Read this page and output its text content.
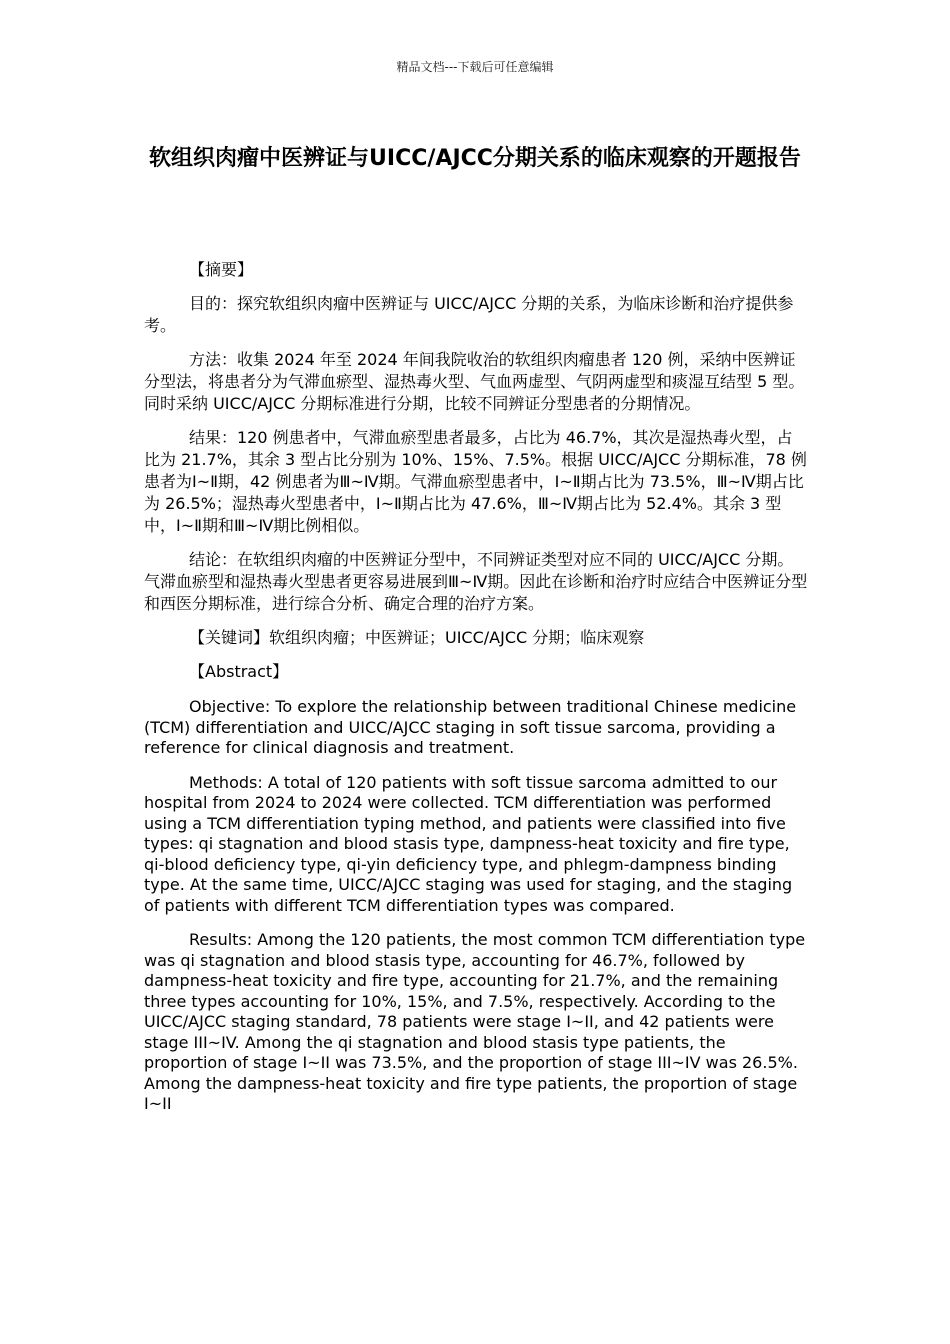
精品文档---下载后可任意编辑
软组织肉瘤中医辨证与UICC/AJCC分期关系的临床观察的开题报告

【摘要】

目的：探究软组织肉瘤中医辨证与 UICC/AJCC 分期的关系，为临床诊断和治疗提供参考。

方法：收集 2024 年至 2024 年间我院收治的软组织肉瘤患者 120 例，采纳中医辨证分型法，将患者分为气滞血瘀型、湿热毒火型、气血两虚型、气阴两虚型和痰湿互结型 5 型。同时采纳 UICC/AJCC 分期标准进行分期，比较不同辨证分型患者的分期情况。

结果：120 例患者中，气滞血瘀型患者最多，占比为 46.7%，其次是湿热毒火型，占比为 21.7%，其余 3 型占比分别为 10%、15%、7.5%。根据 UICC/AJCC 分期标准，78 例患者为Ⅰ~Ⅱ期，42 例患者为Ⅲ~Ⅳ期。气滞血瘀型患者中，Ⅰ~Ⅱ期占比为 73.5%，Ⅲ~Ⅳ期占比为 26.5%；湿热毒火型患者中，Ⅰ~Ⅱ期占比为 47.6%，Ⅲ~Ⅳ期占比为 52.4%。其余 3 型中，Ⅰ~Ⅱ期和Ⅲ~Ⅳ期比例相似。

结论：在软组织肉瘤的中医辨证分型中，不同辨证类型对应不同的 UICC/AJCC 分期。气滞血瘀型和湿热毒火型患者更容易进展到Ⅲ~Ⅳ期。因此在诊断和治疗时应结合中医辨证分型和西医分期标准，进行综合分析、确定合理的治疗方案。

【关键词】软组织肉瘤；中医辨证；UICC/AJCC 分期；临床观察

【Abstract】

Objective: To explore the relationship between traditional Chinese medicine (TCM) differentiation and UICC/AJCC staging in soft tissue sarcoma, providing a reference for clinical diagnosis and treatment.

Methods: A total of 120 patients with soft tissue sarcoma admitted to our hospital from 2024 to 2024 were collected. TCM differentiation was performed using a TCM differentiation typing method, and patients were classified into five types: qi stagnation and blood stasis type, dampness-heat toxicity and fire type, qi-blood deficiency type, qi-yin deficiency type, and phlegm-dampness binding type. At the same time, UICC/AJCC staging was used for staging, and the staging of patients with different TCM differentiation types was compared.

Results: Among the 120 patients, the most common TCM differentiation type was qi stagnation and blood stasis type, accounting for 46.7%, followed by dampness-heat toxicity and fire type, accounting for 21.7%, and the remaining three types accounting for 10%, 15%, and 7.5%, respectively. According to the UICC/AJCC staging standard, 78 patients were stage I~II, and 42 patients were stage III~IV. Among the qi stagnation and blood stasis type patients, the proportion of stage I~II was 73.5%, and the proportion of stage III~IV was 26.5%. Among the dampness-heat toxicity and fire type patients, the proportion of stage I~II
